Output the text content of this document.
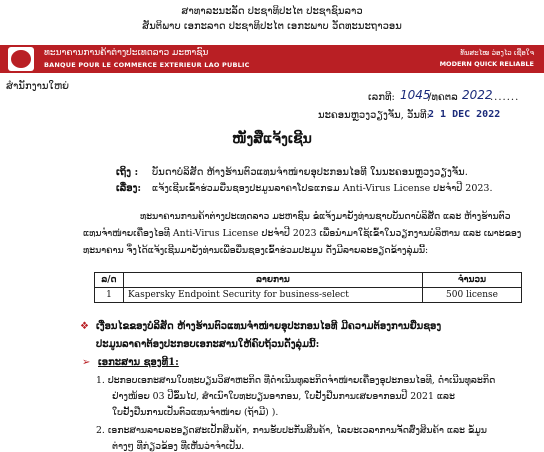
ສາທາລະນະລັດ ປະຊາທິປະໄຕ ປະຊາຊົນລາວ
ສັນຕິພາບ ເອກະລາດ ປະຊາທິປະໄຕ ເອກະພາບ ວັດທະນະຖາວອນ
ທະນາຄານການຄ້າຕ່າງປະເທດລາວ ມະຫາຊົນ
BANQUE POUR LE COMMERCE EXTERIEUR LAO PUBLIC
ທັນສະໄໝ ວ່ອງໄວ ເຊື່ອໃຈ
MODERN QUICK RELIABLE
ສຳນັກງານໃຫຍ່
ເລກທີ: 1045
/ທຄຕລ 2022
.......
ນະຄອນຫຼວງວຽງຈັນ, ວັນທີ:
2 1 DEC 2022
ໜັງສືແຈ້ງເຊີນ
ເຖິງ : ບັນດາບໍລິສັດ ຫ້າງຮ້ານຕົວແທນຈຳໜ່າຍອຸປະກອນໄອທີ ໃນນະຄອນຫຼວງວຽງຈັນ.
ເລື່ອງ: ແຈ້ງເຊີນເຂົ້າຮ່ວມຍື່ນຊອງປະມູນລາຄາໂປຣແກຣມ Anti-Virus License ປະຈຳປີ 2023.
ທະນາຄານການຄ້າຕ່າງປະເທດລາວ ມະຫາຊົນ ຂໍແຈ້ງມາຍັງທ່ານຊາບບັນດາບໍລິສັດ ແລະ ຫ້າງຮ້ານຕົວ
ແທນຈຳໜ່າຍເຄື່ອງໄອທີ Anti-Virus License ປະຈຳປີ 2023 ເພື່ອນຳມາໃຊ້ເຂົ້າໃນວຽກງານບໍລິຫານ ແລະ ເພາະຂອງ
ທະນາຄານ ຈຶ່ງໄດ້ແຈ້ງເຊີນມາຍັງທ່ານເພື່ອຍື່ນຊອງເຂົ້າຮ່ວມປະມູນ ດັ່ງມີລາຍລະອຽດຂ້າງລຸ່ມນີ້:
ລ/ດ	ລາຍການ	ຈຳນວນ
1	Kaspersky Endpoint Security for business-select	500 license
❖ ເງື່ອນໄຂຂອງບໍລິສັດ ຫ້າງຮ້ານຕົວແທນຈຳໜ່າຍອຸປະກອນໄອທີ ມີຄວາມຕ້ອງການຍື່ນຊອງ
ປະມູນລາຄາຕ້ອງປະກອບເອກະສານໃຫ້ຄົບຖ້ວນດັ່ງລຸ່ມນີ້:
➢ ເອກະສານ ຊອງທີ1:
1. ປະກອບເອກະສານໃບທະບຽນວິສາຫະກິດ ທີ່ດຳເນີນທຸລະກິດຈຳໜ່າຍເຄື່ອງອຸປະກອນໄອທີ, ດຳເນີນທຸລະກິດ
ຢ່າງໜ້ອຍ 03 ປີຂຶ້ນໄປ, ສຳເນົາໃບທະບຽນອາກອນ, ໃບຢັ້ງຢືນການເສຍອາກອນປີ 2021 ແລະ
ໃບຢັ້ງຢືນການເປັນຕົວແທນຈຳໜ່າຍ (ຖ້າມີ) ).
2. ເອກະສານລາຍລະອຽດສະເປັກສິນຄ້າ, ການຮັບປະກັນສິນຄ້າ, ໄລຍະເວລາການຈັດສົ່ງສິນຄ້າ ແລະ ຂໍ້ມູນ
ຕ່າງໆ ທີ່ກ່ຽວຂ້ອງ ທີ່ເຫັນວ່າຈຳເປັນ.
